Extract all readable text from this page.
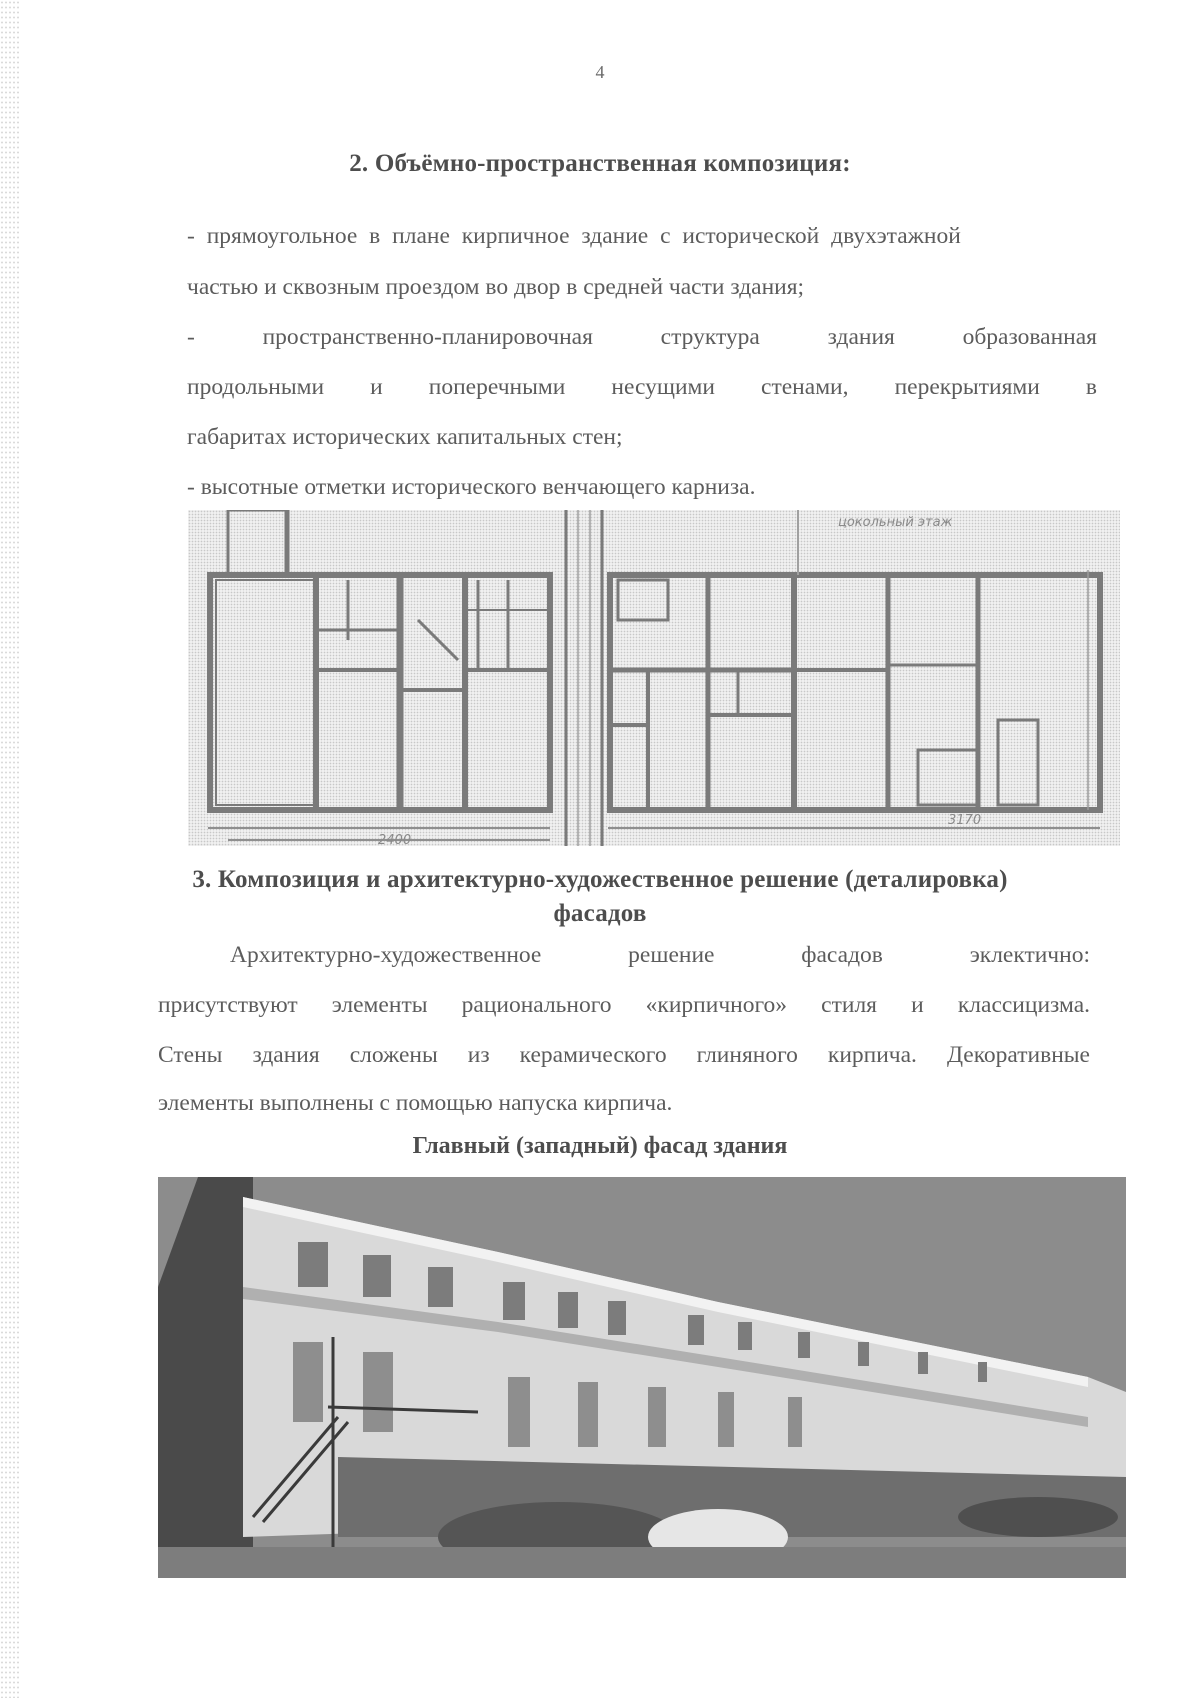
4
2. Объёмно-пространственная композиция:
- прямоугольное в плане кирпичное здание с исторической двухэтажной
частью и сквозным проездом во двор в средней части здания;
- пространственно-планировочная структура здания образованная
продольными и поперечными несущими стенами, перекрытиями в
габаритах исторических капитальных стен;
- высотные отметки исторического венчающего карниза.
2400
3170
цокольный этаж
3. Композиция и архитектурно-художественное решение (деталировка)
фасадов
Архитектурно-художественное решение фасадов эклектично:
присутствуют элементы рационального «кирпичного» стиля и классицизма.
Стены здания сложены из керамического глиняного кирпича. Декоративные
элементы выполнены с помощью напуска кирпича.
Главный (западный) фасад здания
